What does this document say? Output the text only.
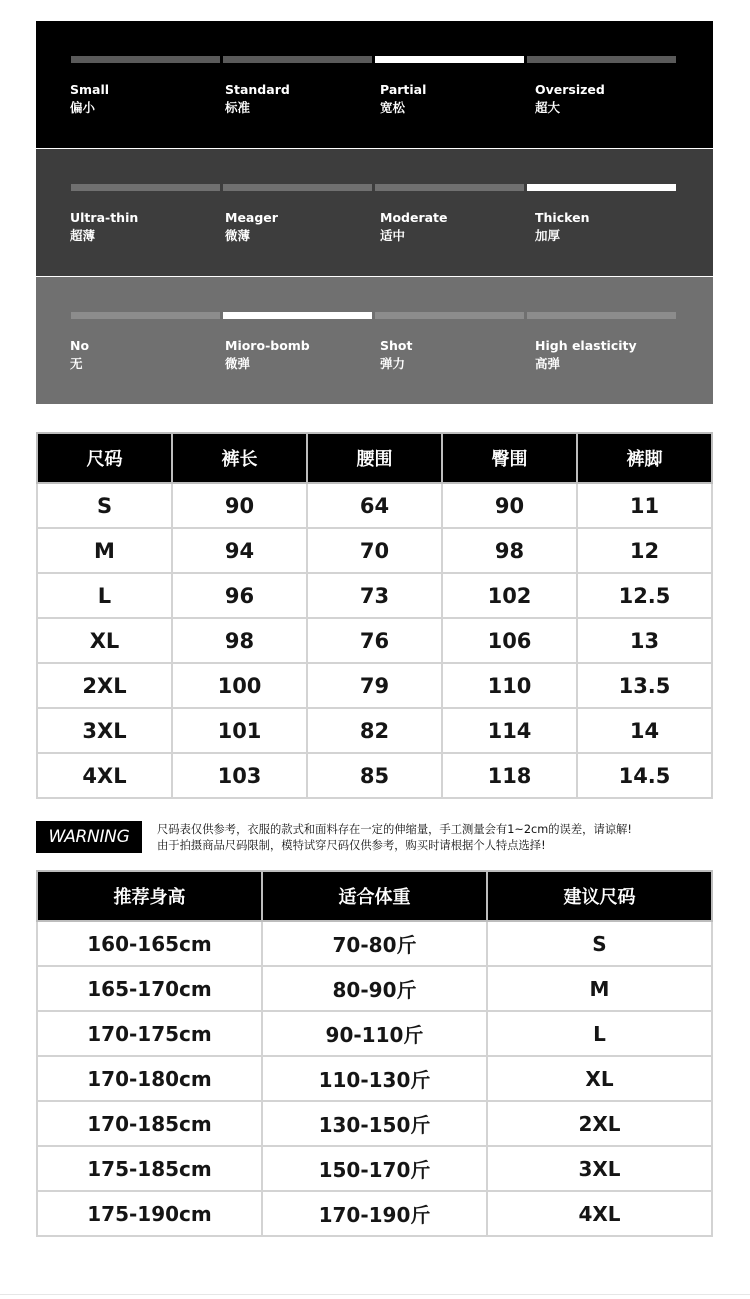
Small
偏小
Standard
标准
Partial
宽松
Oversized
超大
Ultra-thin
超薄
Meager
微薄
Moderate
适中
Thicken
加厚
No
无
Mioro-bomb
微弹
Shot
弹力
High elasticity
高弹
尺码	裤长	腰围	臀围	裤脚
S	90	64	90	11
M	94	70	98	12
L	96	73	102	12.5
XL	98	76	106	13
2XL	100	79	110	13.5
3XL	101	82	114	14
4XL	103	85	118	14.5
WARNING	尺码表仅供参考，衣服的款式和面料存在一定的伸缩量，手工测量会有1~2cm的误差，请谅解!
由于拍摄商品尺码限制，模特试穿尺码仅供参考，购买时请根据个人特点选择!
推荐身高	适合体重	建议尺码
160-165cm	70-80斤	S
165-170cm	80-90斤	M
170-175cm	90-110斤	L
170-180cm	110-130斤	XL
170-185cm	130-150斤	2XL
175-185cm	150-170斤	3XL
175-190cm	170-190斤	4XL
